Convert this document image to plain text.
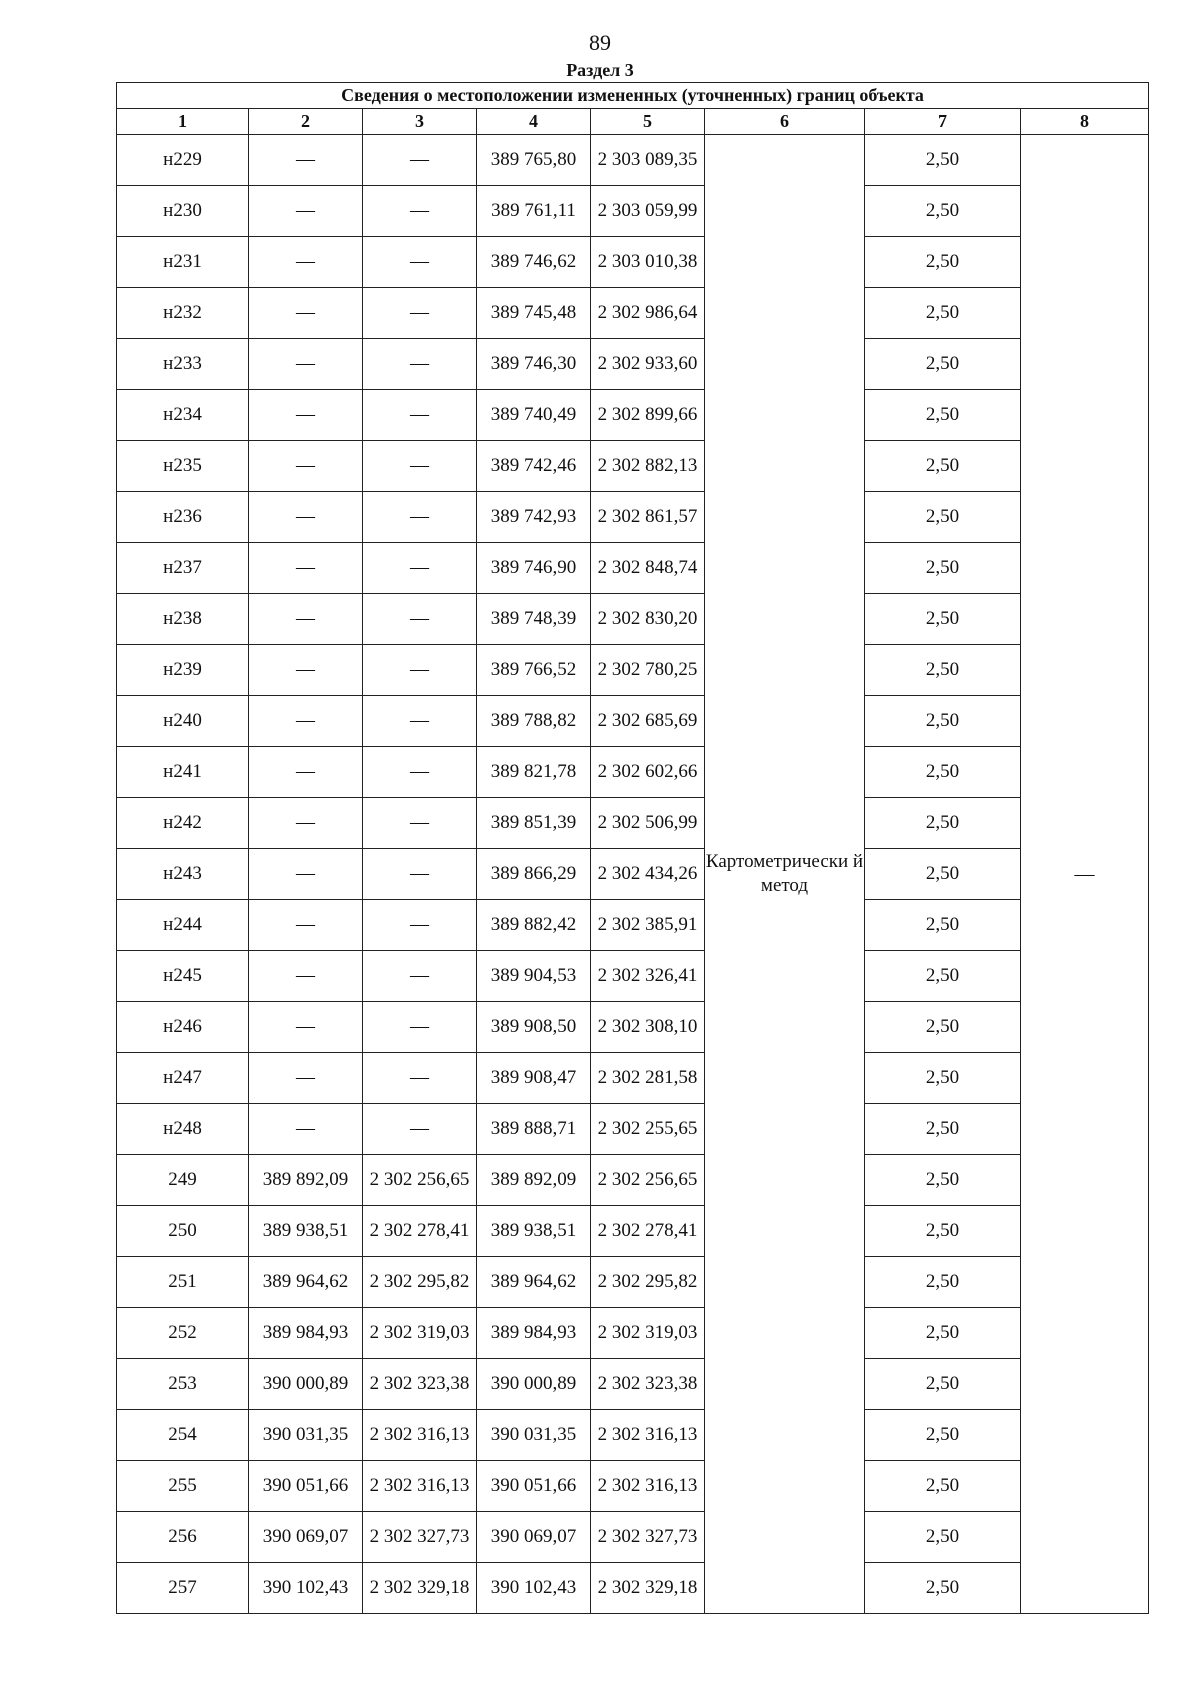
89
Раздел 3
Сведения о местоположении измененных (уточненных) границ объекта							
1	2	3	4	5	6	7	8
н229	—	—	389 765,80	2 303 089,35	Картометрически й метод	2,50	—
н230	—	—	389 761,11	2 303 059,99		2,50	
н231	—	—	389 746,62	2 303 010,38		2,50	
н232	—	—	389 745,48	2 302 986,64		2,50	
н233	—	—	389 746,30	2 302 933,60		2,50	
н234	—	—	389 740,49	2 302 899,66		2,50	
н235	—	—	389 742,46	2 302 882,13		2,50	
н236	—	—	389 742,93	2 302 861,57		2,50	
н237	—	—	389 746,90	2 302 848,74		2,50	
н238	—	—	389 748,39	2 302 830,20		2,50	
н239	—	—	389 766,52	2 302 780,25		2,50	
н240	—	—	389 788,82	2 302 685,69		2,50	
н241	—	—	389 821,78	2 302 602,66		2,50	
н242	—	—	389 851,39	2 302 506,99		2,50	
н243	—	—	389 866,29	2 302 434,26		2,50	
н244	—	—	389 882,42	2 302 385,91		2,50	
н245	—	—	389 904,53	2 302 326,41		2,50	
н246	—	—	389 908,50	2 302 308,10		2,50	
н247	—	—	389 908,47	2 302 281,58		2,50	
н248	—	—	389 888,71	2 302 255,65		2,50	
249	389 892,09	2 302 256,65	389 892,09	2 302 256,65		2,50	
250	389 938,51	2 302 278,41	389 938,51	2 302 278,41		2,50	
251	389 964,62	2 302 295,82	389 964,62	2 302 295,82		2,50	
252	389 984,93	2 302 319,03	389 984,93	2 302 319,03		2,50	
253	390 000,89	2 302 323,38	390 000,89	2 302 323,38		2,50	
254	390 031,35	2 302 316,13	390 031,35	2 302 316,13		2,50	
255	390 051,66	2 302 316,13	390 051,66	2 302 316,13		2,50	
256	390 069,07	2 302 327,73	390 069,07	2 302 327,73		2,50	
257	390 102,43	2 302 329,18	390 102,43	2 302 329,18		2,50	
